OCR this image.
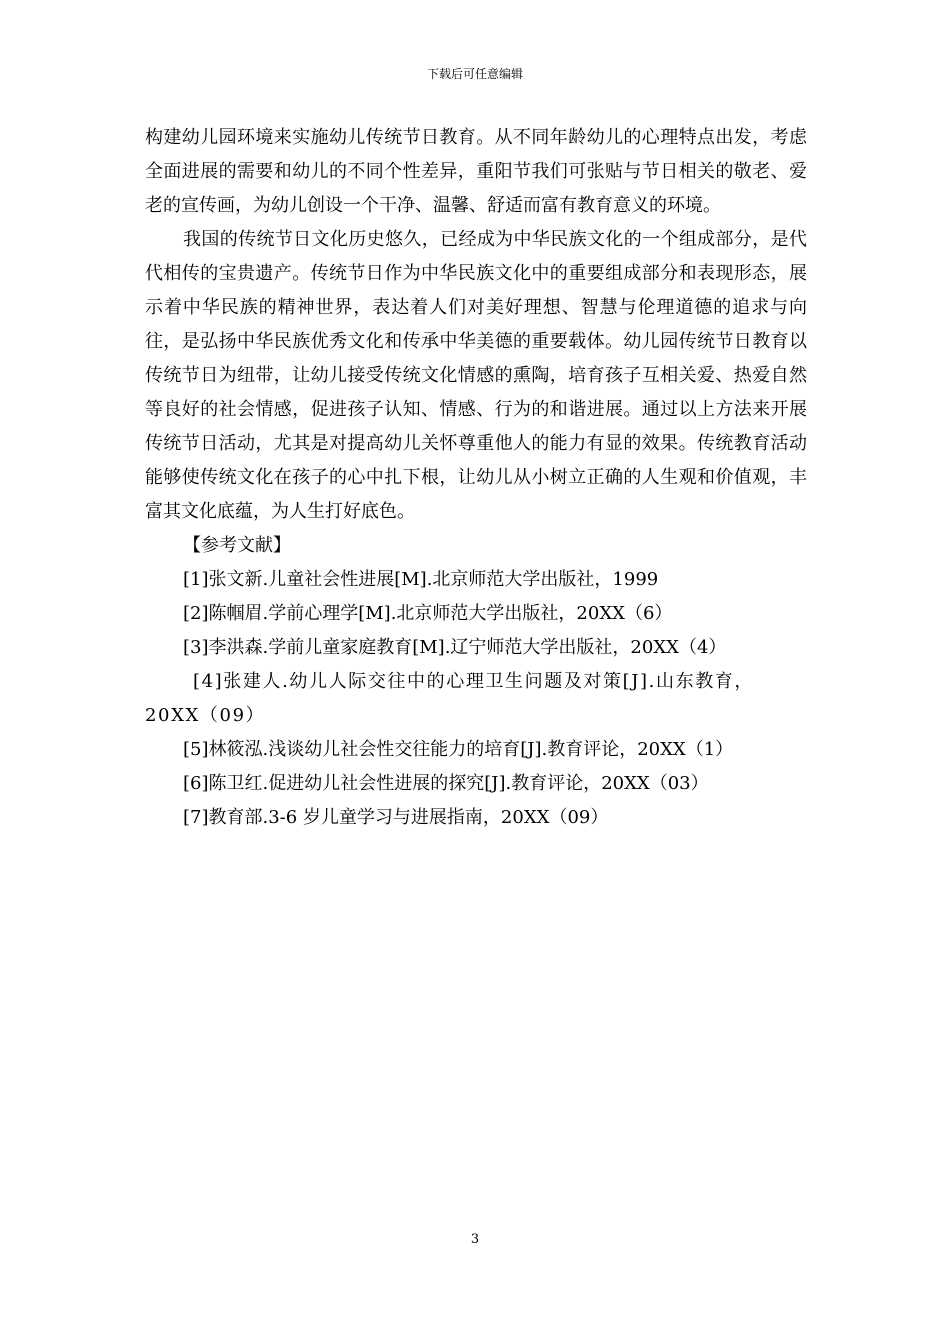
下载后可任意编辑

构建幼儿园环境来实施幼儿传统节日教育。从不同年龄幼儿的心理特点出发，考虑全面进展的需要和幼儿的不同个性差异，重阳节我们可张贴与节日相关的敬老、爱老的宣传画，为幼儿创设一个干净、温馨、舒适而富有教育意义的环境。

我国的传统节日文化历史悠久，已经成为中华民族文化的一个组成部分，是代代相传的宝贵遗产。传统节日作为中华民族文化中的重要组成部分和表现形态，展示着中华民族的精神世界，表达着人们对美好理想、智慧与伦理道德的追求与向往，是弘扬中华民族优秀文化和传承中华美德的重要载体。幼儿园传统节日教育以传统节日为纽带，让幼儿接受传统文化情感的熏陶，培育孩子互相关爱、热爱自然等良好的社会情感，促进孩子认知、情感、行为的和谐进展。通过以上方法来开展传统节日活动，尤其是对提高幼儿关怀尊重他人的能力有显的效果。传统教育活动能够使传统文化在孩子的心中扎下根，让幼儿从小树立正确的人生观和价值观，丰富其文化底蕴，为人生打好底色。

【参考文献】

[1]张文新.儿童社会性进展[M].北京师范大学出版社，1999

[2]陈帼眉.学前心理学[M].北京师范大学出版社，20XX（6）

[3]李洪森.学前儿童家庭教育[M].辽宁师范大学出版社，20XX（4）

[4]张建人.幼儿人际交往中的心理卫生问题及对策[J].山东教育，20XX（09）

[5]林筱泓.浅谈幼儿社会性交往能力的培育[J].教育评论，20XX（1）

[6]陈卫红.促进幼儿社会性进展的探究[J].教育评论，20XX（03）

[7]教育部.3-6 岁儿童学习与进展指南，20XX（09）

3
